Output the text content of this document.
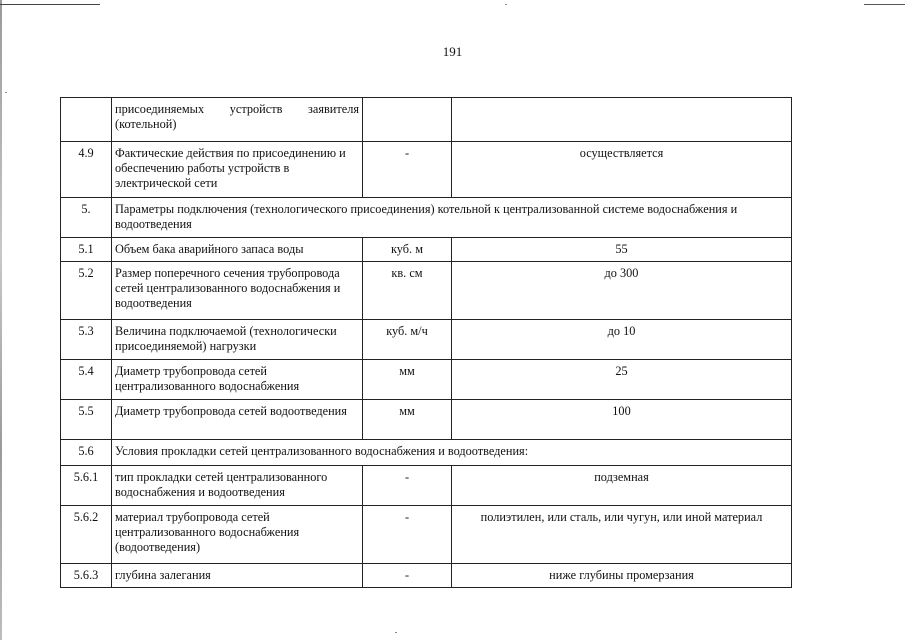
191
	присоединяемых устройств заявителя (котельной)		
4.9	Фактические действия по присоединению и обеспечению работы устройств в электрической сети	-	осуществляется
5.	Параметры подключения (технологического присоединения) котельной к централизованной системе водоснабжения и водоотведения		
5.1	Объем бака аварийного запаса воды	куб. м	55
5.2	Размер поперечного сечения трубопровода сетей централизованного водоснабжения и водоотведения	кв. см	до 300
5.3	Величина подключаемой (технологически присоединяемой) нагрузки	куб. м/ч	до 10
5.4	Диаметр трубопровода сетей централизованного водоснабжения	мм	25
5.5	Диаметр трубопровода сетей водоотведения	мм	100
5.6	Условия прокладки сетей централизованного водоснабжения и водоотведения:		
5.6.1	тип прокладки сетей централизованного водоснабжения и водоотведения	-	подземная
5.6.2	материал трубопровода сетей централизованного водоснабжения (водоотведения)	-	полиэтилен, или сталь, или чугун, или иной материал
5.6.3	глубина залегания	-	ниже глубины промерзания
